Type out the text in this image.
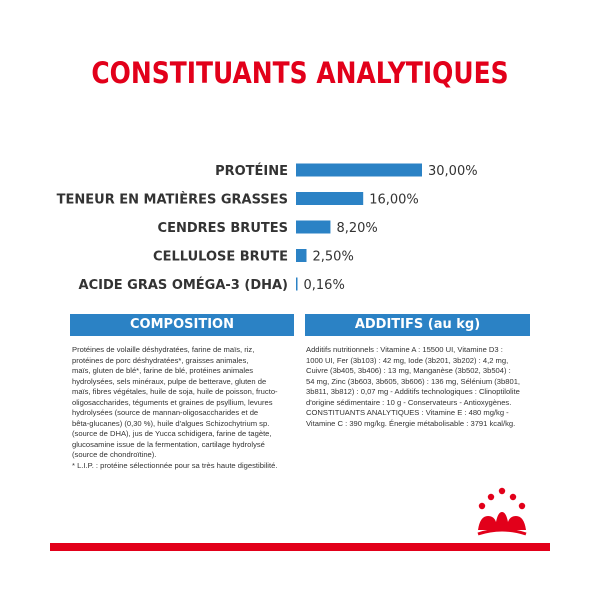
CONSTITUANTS ANALYTIQUES
PROTÉINE	30,00%
TENEUR EN MATIÈRES GRASSES	16,00%
CENDRES BRUTES	8,20%
CELLULOSE BRUTE 2,50%
ACIDE GRAS OMÉGA-3 (DHA) 0,16%
COMPOSITION
Protéines de volaille déshydratées, farine de maïs, riz,
protéines de porc déshydratées*, graisses animales,
maïs, gluten de blé*, farine de blé, protéines animales
hydrolysées, sels minéraux, pulpe de betterave, gluten de
maïs, fibres végétales, huile de soja, huile de poisson, fructo-
oligosaccharides, téguments et graines de psyllium, levures
hydrolysées (source de mannan-oligosaccharides et de
bêta-glucanes) (0,30 %), huile d'algues Schizochytrium sp.
(source de DHA), jus de Yucca schidigera, farine de tagète,
glucosamine issue de la fermentation, cartilage hydrolysé
(source de chondroïtine).
* L.I.P. : protéine sélectionnée pour sa très haute digestibilité.
ADDITIFS (au kg)
Additifs nutritionnels : Vitamine A : 15500 UI, Vitamine D3 :
1000 UI, Fer (3b103) : 42 mg, Iode (3b201, 3b202) : 4,2 mg,
Cuivre (3b405, 3b406) : 13 mg, Manganèse (3b502, 3b504) :
54 mg, Zinc (3b603, 3b605, 3b606) : 136 mg, Sélénium (3b801,
3b811, 3b812) : 0,07 mg - Additifs technologiques : Clinoptilolite
d'origine sédimentaire : 10 g - Conservateurs - Antioxygènes.
CONSTITUANTS ANALYTIQUES : Vitamine E : 480 mg/kg -
Vitamine C : 390 mg/kg. Énergie métabolisable : 3791 kcal/kg.
